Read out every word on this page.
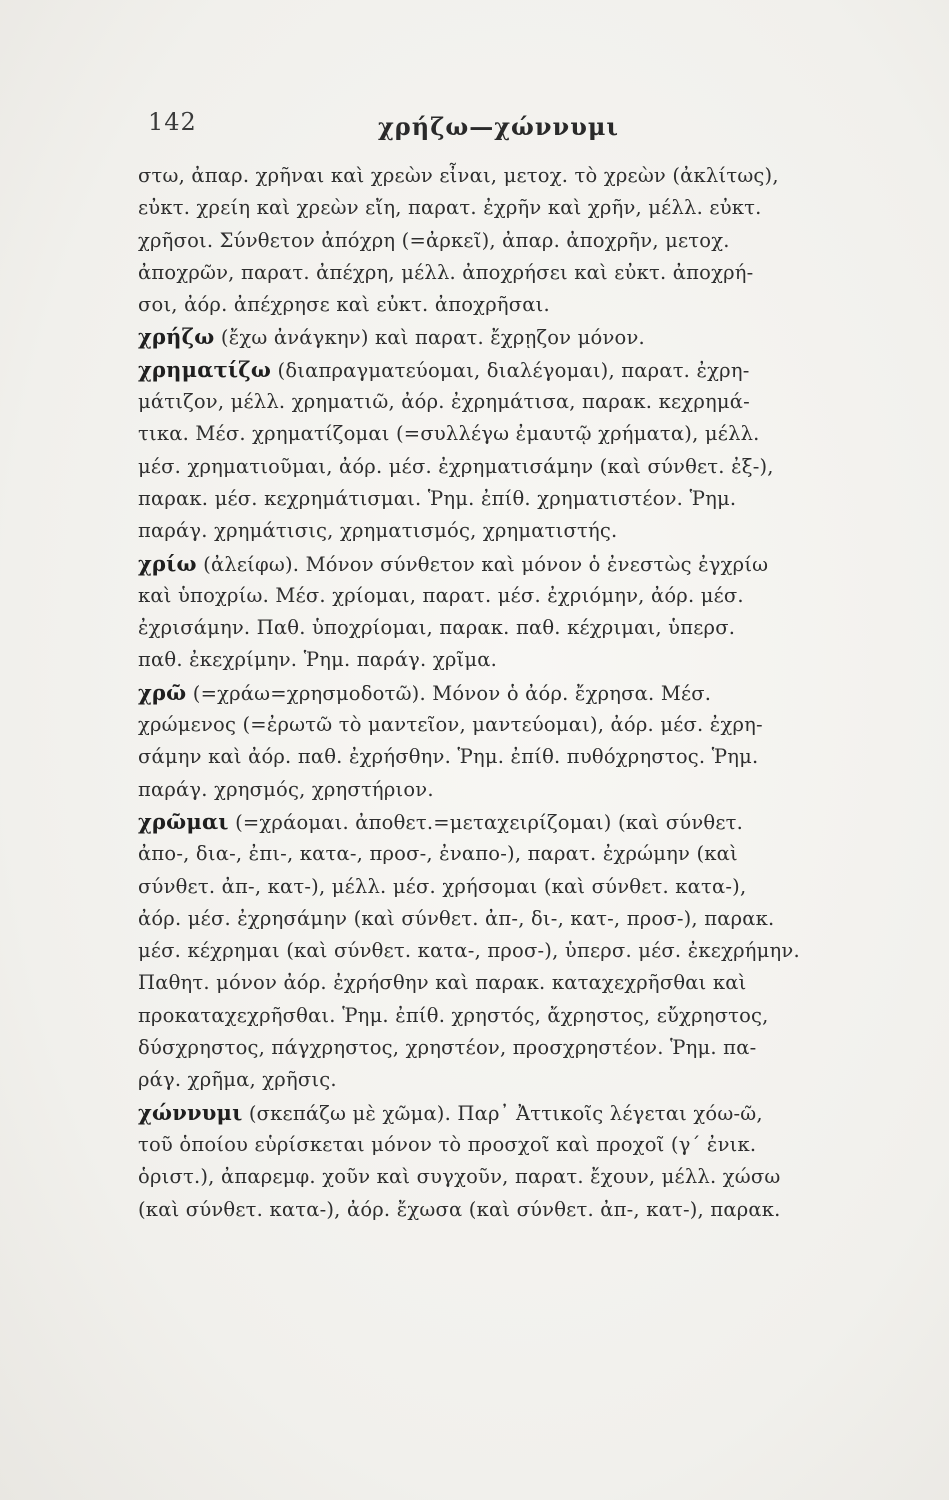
142	χρήζω—χώννυμι
στω, ἀπαρ. χρῆναι καὶ χρεὼν εἶναι, μετοχ. τὸ χρεὼν (ἀκλίτως),
εὐκτ. χρείη καὶ χρεὼν εἴη, παρατ. ἐχρῆν καὶ χρῆν, μέλλ. εὐκτ.
χρῆσοι. Σύνθετον ἀπόχρη (=ἀρκεῖ), ἀπαρ. ἀποχρῆν, μετοχ.
ἀποχρῶν, παρατ. ἀπέχρη, μέλλ. ἀποχρήσει καὶ εὐκτ. ἀποχρή-
σοι, ἀόρ. ἀπέχρησε καὶ εὐκτ. ἀποχρῆσαι.
χρήζω (ἔχω ἀνάγκην) καὶ παρατ. ἔχρῃζον μόνον.
χρηματίζω (διαπραγματεύομαι, διαλέγομαι), παρατ. ἐχρη-
μάτιζον, μέλλ. χρηματιῶ, ἀόρ. ἐχρημάτισα, παρακ. κεχρημά-
τικα. Μέσ. χρηματίζομαι (=συλλέγω ἐμαυτῷ χρήματα), μέλλ.
μέσ. χρηματιοῦμαι, ἀόρ. μέσ. ἐχρηματισάμην (καὶ σύνθετ. ἐξ-),
παρακ. μέσ. κεχρημάτισμαι. Ῥημ. ἐπίθ. χρηματιστέον. Ῥημ.
παράγ. χρημάτισις, χρηματισμός, χρηματιστής.
χρίω (ἀλείφω). Μόνον σύνθετον καὶ μόνον ὁ ἐνεστὼς ἐγχρίω
καὶ ὑποχρίω. Μέσ. χρίομαι, παρατ. μέσ. ἐχριόμην, ἀόρ. μέσ.
ἐχρισάμην. Παθ. ὑποχρίομαι, παρακ. παθ. κέχριμαι, ὑπερσ.
παθ. ἐκεχρίμην. Ῥημ. παράγ. χρῖμα.
χρῶ (=χράω=χρησμοδοτῶ). Μόνον ὁ ἀόρ. ἔχρησα. Μέσ.
χρώμενος (=ἐρωτῶ τὸ μαντεῖον, μαντεύομαι), ἀόρ. μέσ. ἐχρη-
σάμην καὶ ἀόρ. παθ. ἐχρήσθην. Ῥημ. ἐπίθ. πυθόχρηστος. Ῥημ.
παράγ. χρησμός, χρηστήριον.
χρῶμαι (=χράομαι. ἀποθετ.=μεταχειρίζομαι) (καὶ σύνθετ.
ἀπο-, δια-, ἐπι-, κατα-, προσ-, ἐναπο-), παρατ. ἐχρώμην (καὶ
σύνθετ. ἀπ-, κατ-), μέλλ. μέσ. χρήσομαι (καὶ σύνθετ. κατα-),
ἀόρ. μέσ. ἐχρησάμην (καὶ σύνθετ. ἀπ-, δι-, κατ-, προσ-), παρακ.
μέσ. κέχρημαι (καὶ σύνθετ. κατα-, προσ-), ὑπερσ. μέσ. ἐκεχρήμην.
Παθητ. μόνον ἀόρ. ἐχρήσθην καὶ παρακ. καταχεχρῆσθαι καὶ
προκαταχεχρῆσθαι. Ῥημ. ἐπίθ. χρηστός, ἄχρηστος, εὔχρηστος,
δύσχρηστος, πάγχρηστος, χρηστέον, προσχρηστέον. Ῥημ. πα-
ράγ. χρῆμα, χρῆσις.
χώννυμι (σκεπάζω μὲ χῶμα). Παρ᾽ Ἀττικοῖς λέγεται χόω-ῶ,
τοῦ ὁποίου εὑρίσκεται μόνον τὸ προσχοῖ καὶ προχοῖ (γ´ ἐνικ.
ὁριστ.), ἀπαρεμφ. χοῦν καὶ συγχοῦν, παρατ. ἔχουν, μέλλ. χώσω
(καὶ σύνθετ. κατα-), ἀόρ. ἔχωσα (καὶ σύνθετ. ἀπ-, κατ-), παρακ.
